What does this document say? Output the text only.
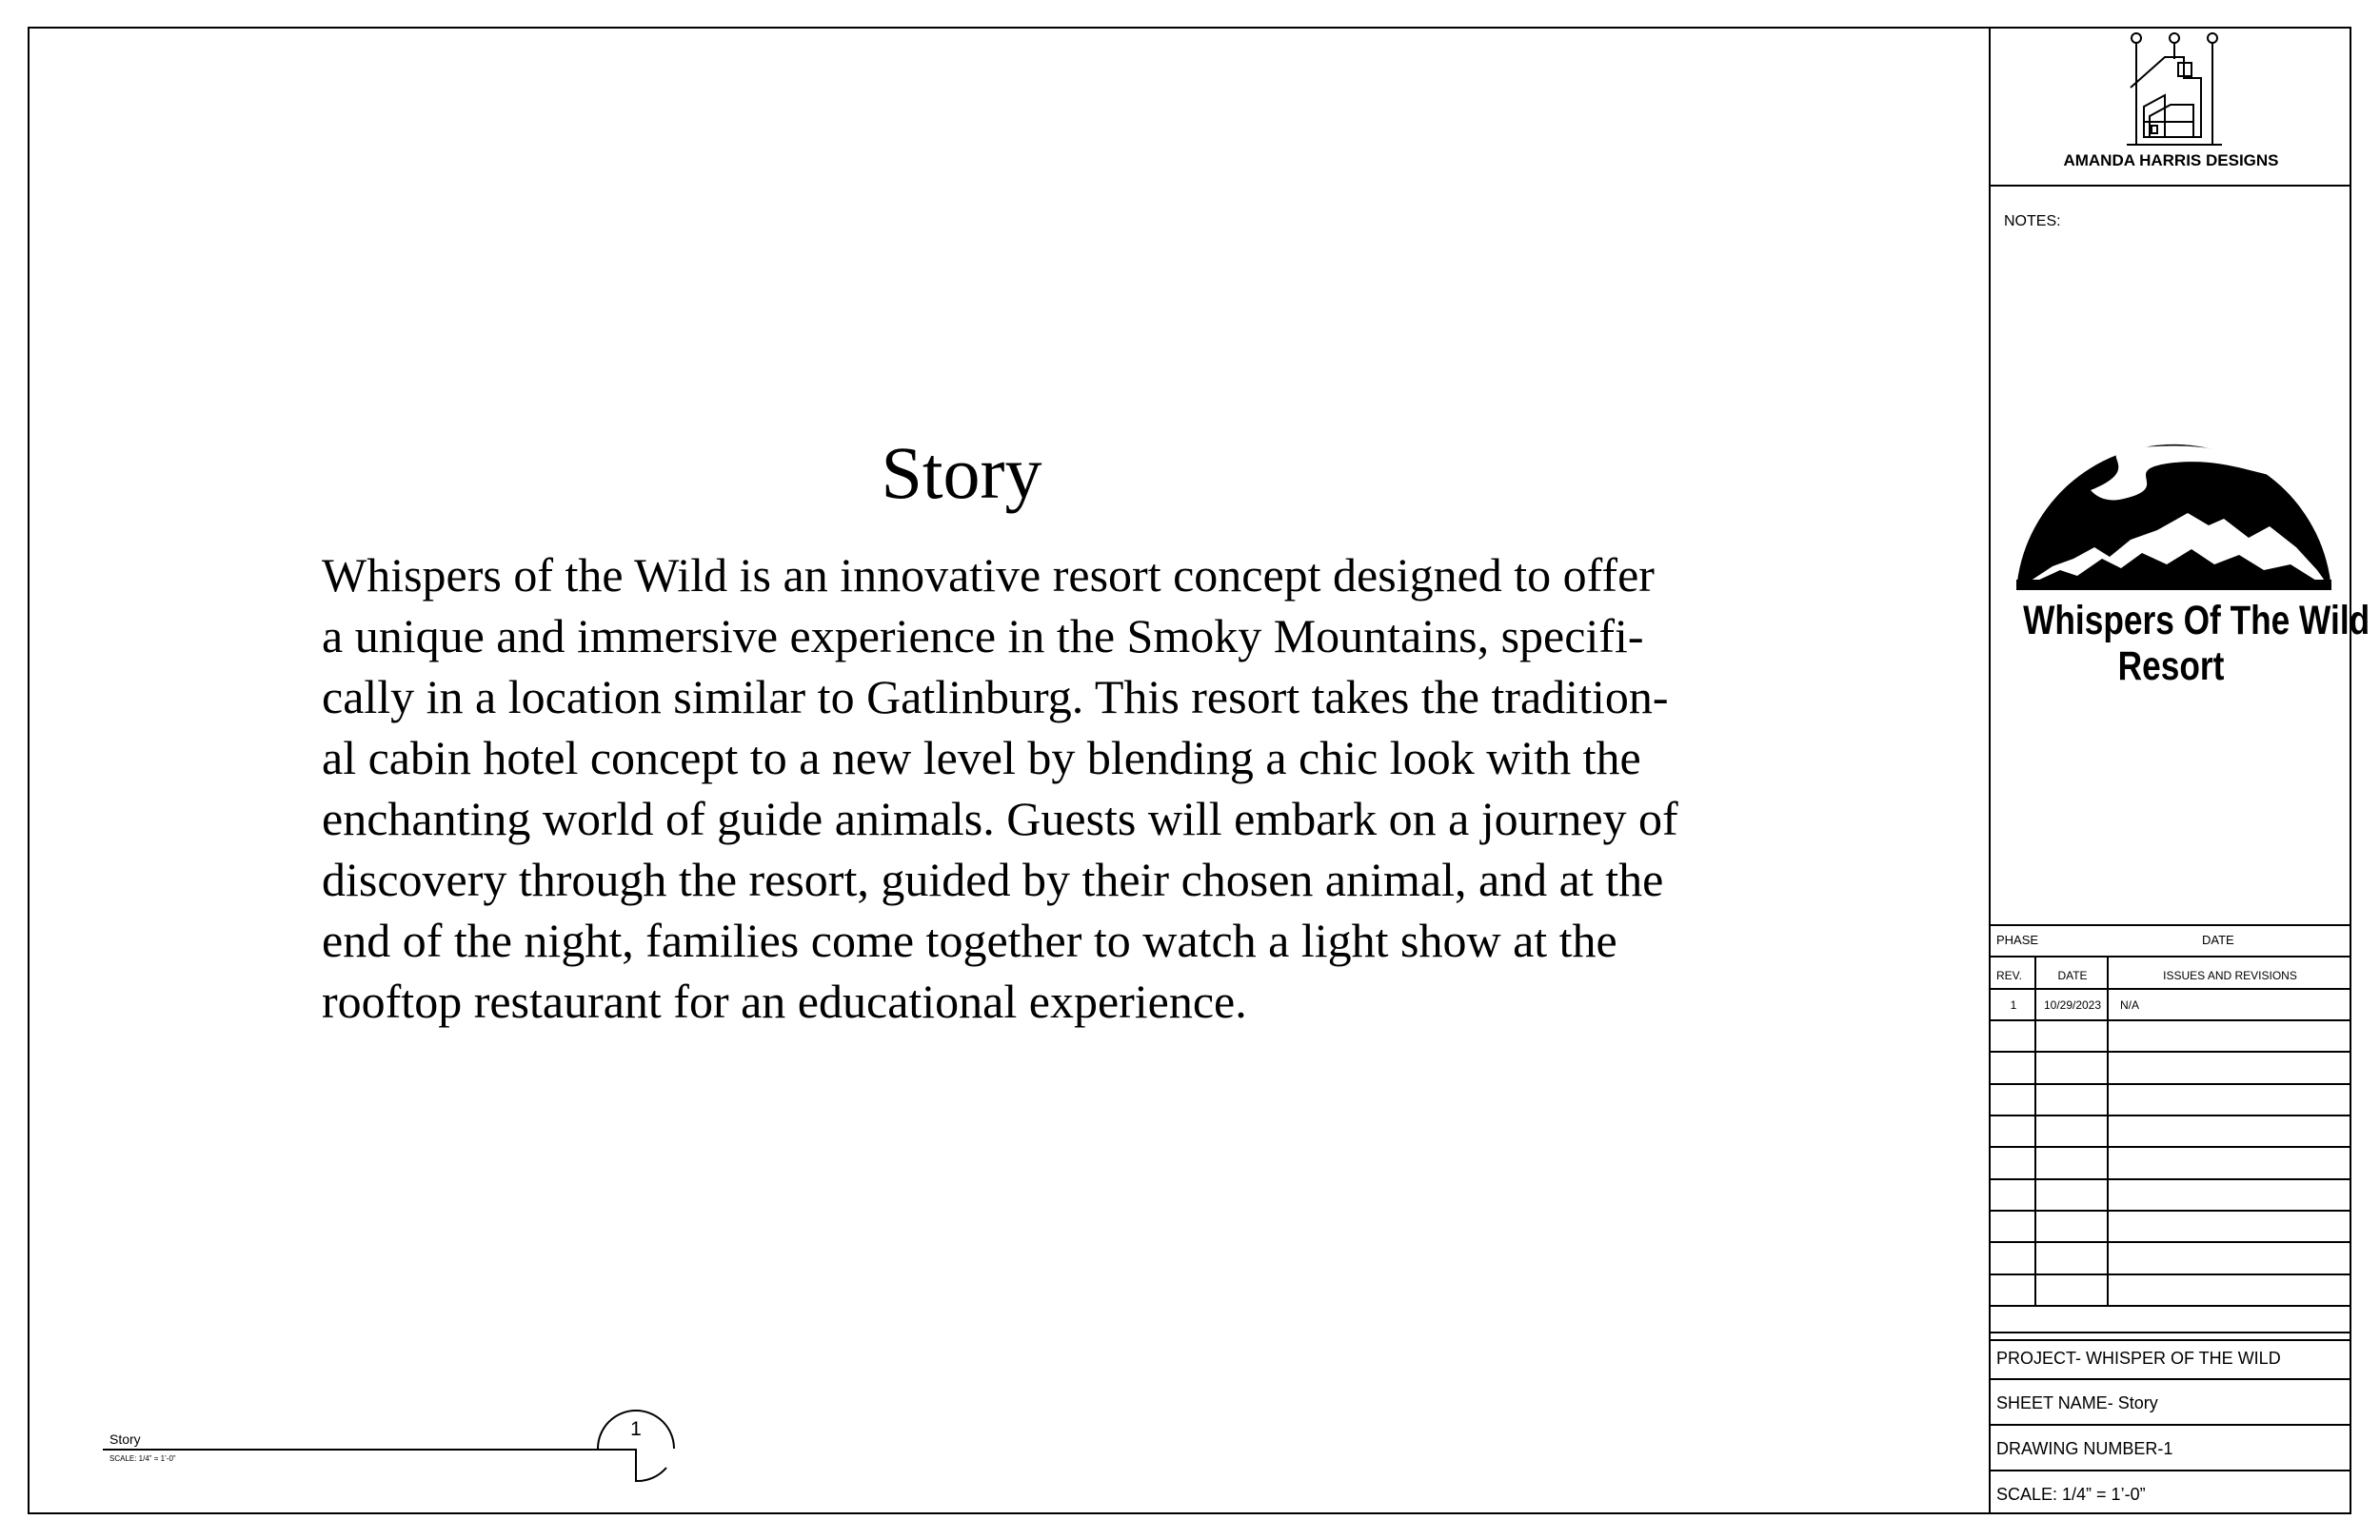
Story

Whispers of the Wild is an innovative resort concept designed to offer
a unique and immersive experience in the Smoky Mountains, specifi-
cally in a location similar to Gatlinburg. This resort takes the tradition-
al cabin hotel concept to a new level by blending a chic look with the
enchanting world of guide animals. Guests will embark on a journey of
discovery through the resort, guided by their chosen animal, and at the
end of the night, families come together to watch a light show at the
rooftop restaurant for an educational experience.

AMANDA HARRIS DESIGNS
NOTES:
Whispers Of The Wild
Resort
PHASE	DATE
REV.	DATE	ISSUES AND REVISIONS
1	10/29/2023	N/A
PROJECT- WHISPER OF THE WILD
SHEET NAME- Story
DRAWING NUMBER-1
SCALE: 1/4” = 1’-0”
Story
SCALE: 1/4” = 1’-0”
1
